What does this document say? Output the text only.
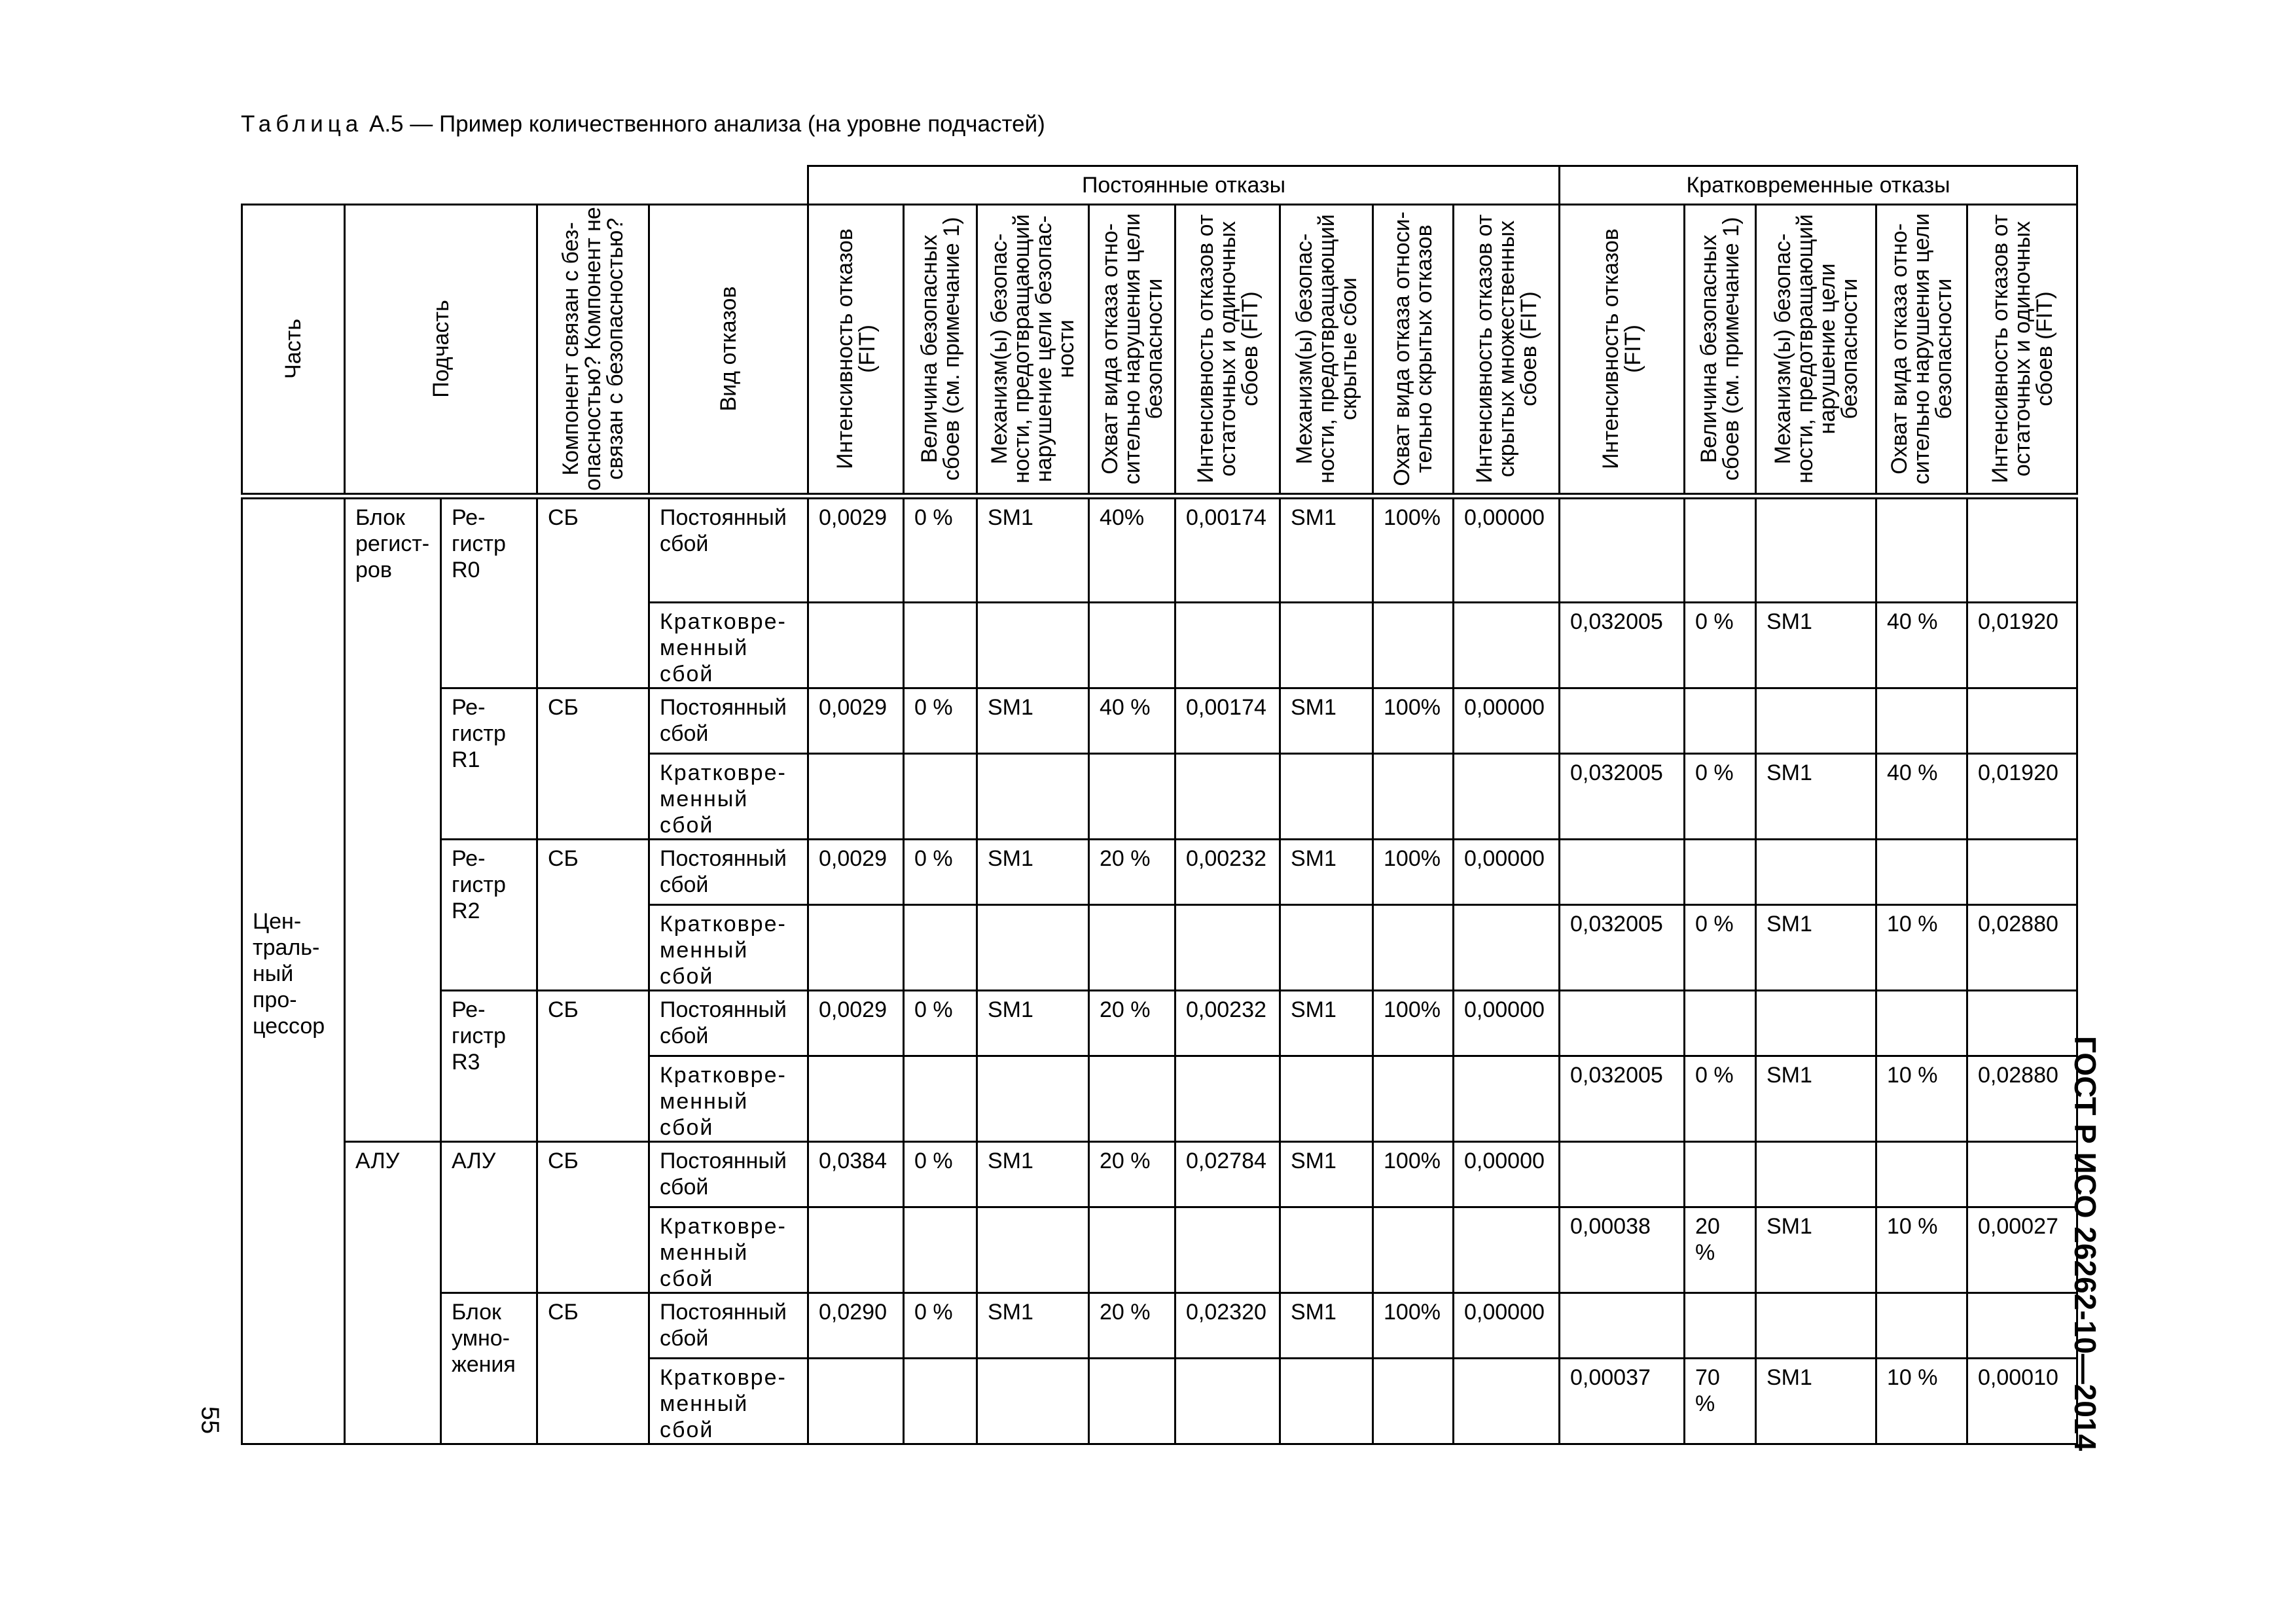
Таблица А.5 — Пример количественного анализа (на уровне подчастей)
					Постоянные отказы								Кратковременные отказы				

Часть	Подчасть		Компонент связан с без-опасностью? Компонент не связан с безопасностью?	Вид отказов	Интенсивность отказов (FIT)	Величина безопасных сбоев (см. примечание 1)	Механизм(ы) безопас-ности, предотвращающий нарушение цели безопас-ности	Охват вида отказа отно-сительно нарушения цели безопасности	Интенсивность отказов от остаточных и одиночных сбоев (FIT)	Механизм(ы) безопас-ности, предотвращающий скрытые сбои	Охват вида отказа относи-тельно скрытых отказов	Интенсивность отказов от скрытых множественных сбоев (FIT)	Интенсивность отказов (FIT)	Величина безопасных сбоев (см. примечание 1)	Механизм(ы) безопас-ности, предотвращающий нарушение цели безопасности	Охват вида отказа отно-сительно нарушения цели безопасности	Интенсивность отказов от остаточных и одиночных сбоев (FIT)

Цен-траль-ный про-цессор	Блок регист-ров	Ре-гистр R0	СБ	Постоянный сбой	0,0029	0 %	SM1	40%	0,00174	SM1	100%	0,00000					
				Кратковре-менный сбой									0,032005	0 %	SM1	40 %	0,01920
		Ре-гистр R1	СБ	Постоянный сбой	0,0029	0 %	SM1	40 %	0,00174	SM1	100%	0,00000					
				Кратковре-менный сбой									0,032005	0 %	SM1	40 %	0,01920
		Ре-гистр R2	СБ	Постоянный сбой	0,0029	0 %	SM1	20 %	0,00232	SM1	100%	0,00000					
				Кратковре-менный сбой									0,032005	0 %	SM1	10 %	0,02880
		Ре-гистр R3	СБ	Постоянный сбой	0,0029	0 %	SM1	20 %	0,00232	SM1	100%	0,00000					
				Кратковре-менный сбой									0,032005	0 %	SM1	10 %	0,02880
	АЛУ	АЛУ	СБ	Постоянный сбой	0,0384	0 %	SM1	20 %	0,02784	SM1	100%	0,00000					
				Кратковре-менный сбой									0,00038	20 %	SM1	10 %	0,00027
		Блок умно-жения	СБ	Постоянный сбой	0,0290	0 %	SM1	20 %	0,02320	SM1	100%	0,00000					
				Кратковре-менный сбой									0,00037	70 %	SM1	10 %	0,00010 ГОСТ Р ИСО 26262-10—2014
55
